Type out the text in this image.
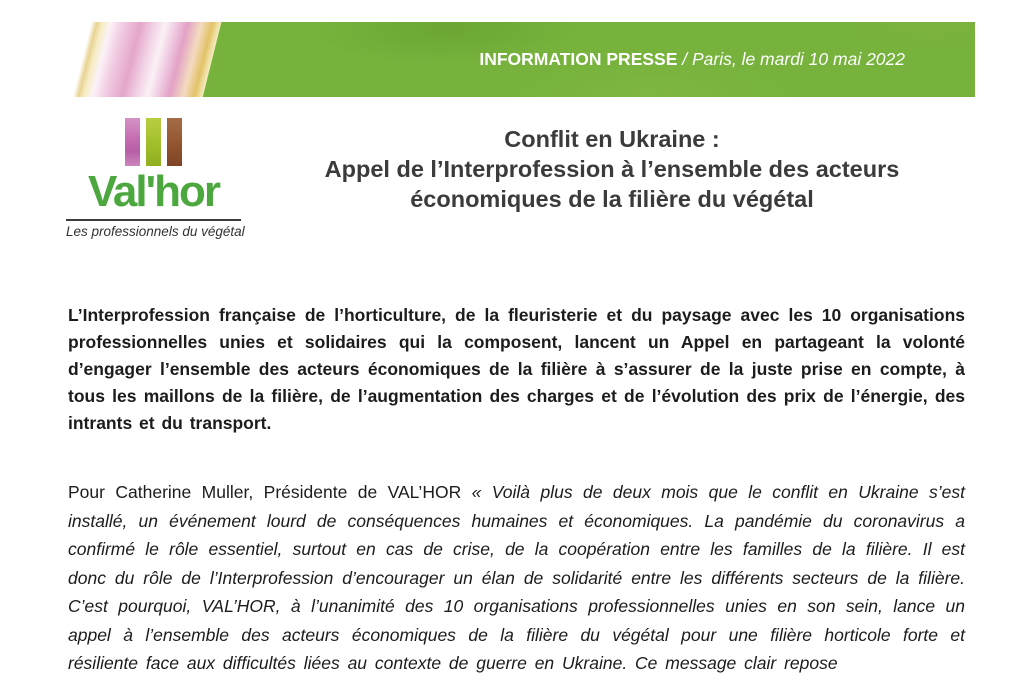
INFORMATION PRESSE / Paris, le mardi 10 mai 2022
Val'hor
Les professionnels du végétal
Conflit en Ukraine :
Appel de l’Interprofession à l’ensemble des acteurs
économiques de la filière du végétal

L’Interprofession française de l’horticulture, de la fleuristerie et du paysage avec les 10 organisations professionnelles unies et solidaires qui la composent, lancent un Appel en partageant la volonté d’engager l’ensemble des acteurs économiques de la filière à s’assurer de la juste prise en compte, à tous les maillons de la filière, de l’augmentation des charges et de l’évolution des prix de l’énergie, des intrants et du transport.

Pour Catherine Muller, Présidente de VAL’HOR « Voilà plus de deux mois que le conflit en Ukraine s’est installé, un événement lourd de conséquences humaines et économiques. La pandémie du coronavirus a confirmé le rôle essentiel, surtout en cas de crise, de la coopération entre les familles de la filière. Il est donc du rôle de l’Interprofession d’encourager un élan de solidarité entre les différents secteurs de la filière. C’est pourquoi, VAL’HOR, à l’unanimité des 10 organisations professionnelles unies en son sein, lance un appel à l’ensemble des acteurs économiques de la filière du végétal pour une filière horticole forte et résiliente face aux difficultés liées au contexte de guerre en Ukraine. Ce message clair repose
